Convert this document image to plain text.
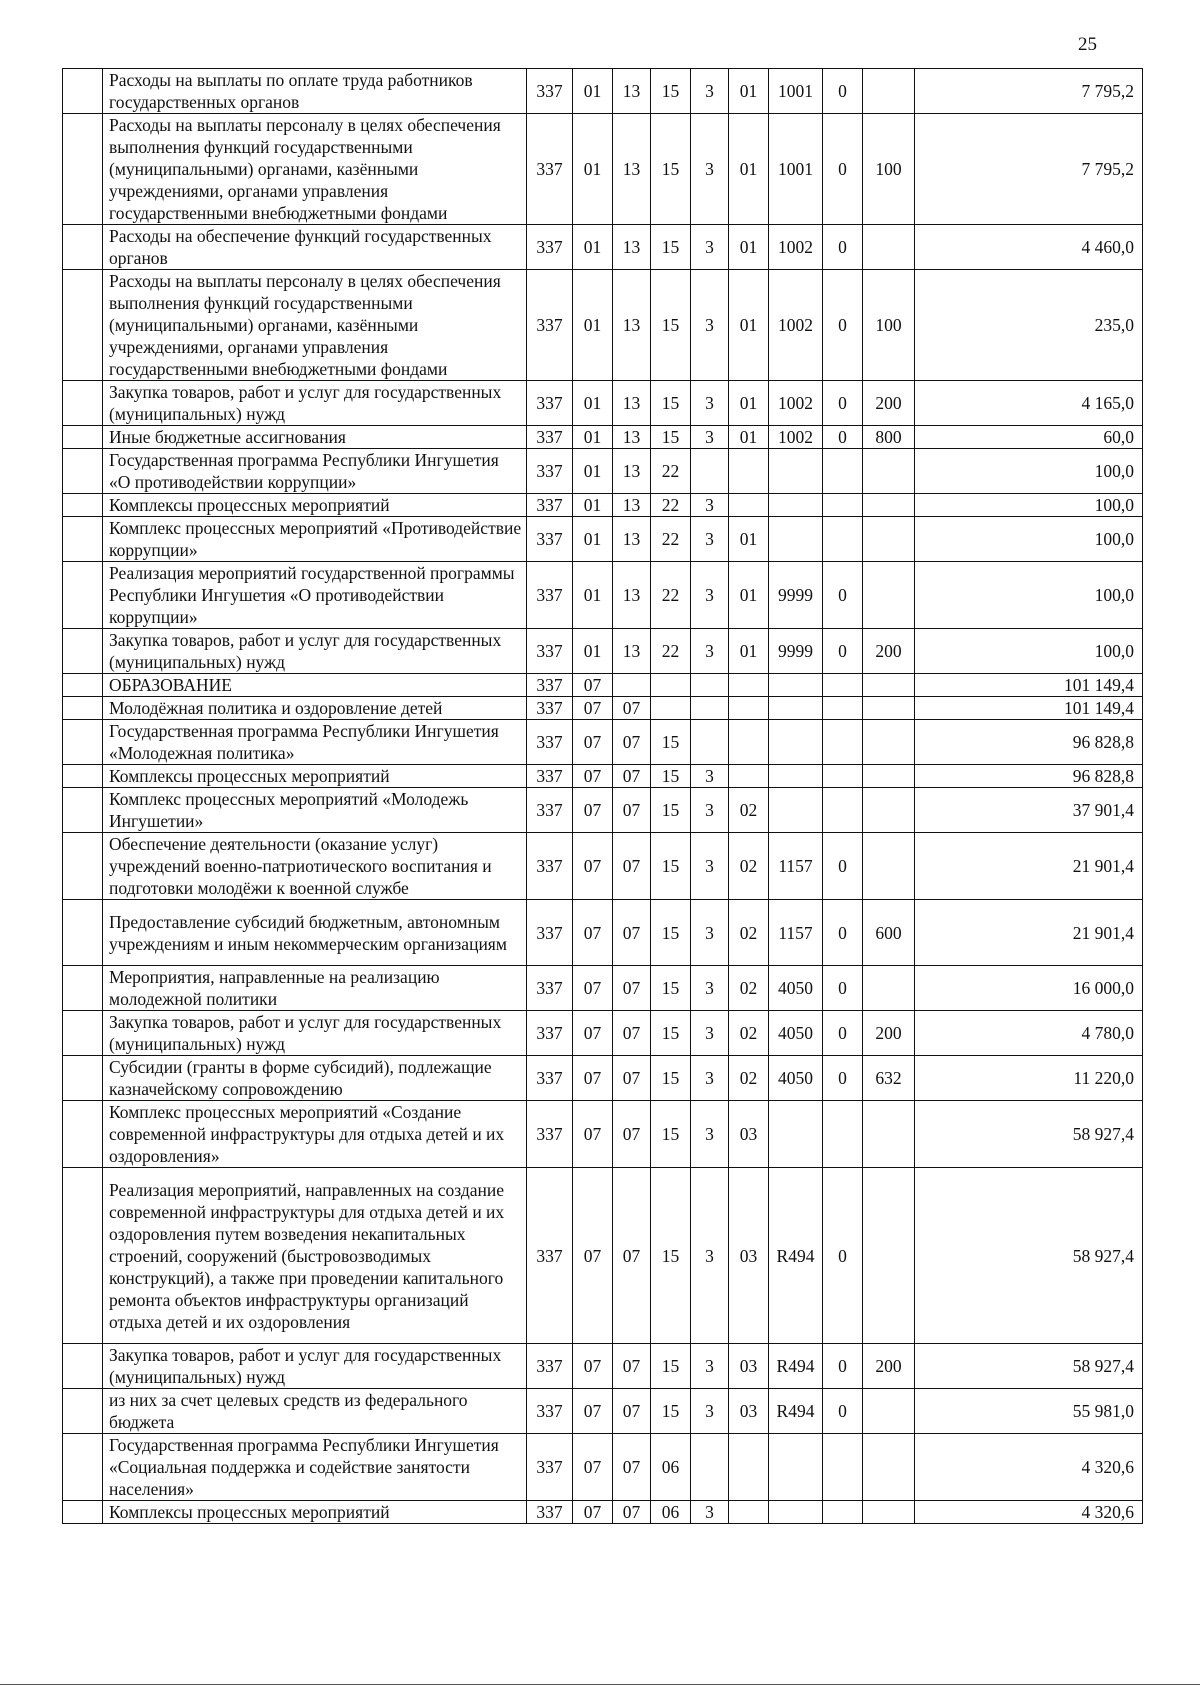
25
	Расходы на выплаты по оплате труда работников государственных органов	337	01	13	15	3	01	1001	0		7 795,2
	Расходы на выплаты персоналу в целях обеспечения выполнения функций государственными (муниципальными) органами, казёнными учреждениями, органами управления государственными внебюджетными фондами	337	01	13	15	3	01	1001	0	100	7 795,2
	Расходы на обеспечение функций государственных органов	337	01	13	15	3	01	1002	0		4 460,0
	Расходы на выплаты персоналу в целях обеспечения выполнения функций государственными (муниципальными) органами, казёнными учреждениями, органами управления государственными внебюджетными фондами	337	01	13	15	3	01	1002	0	100	235,0
	Закупка товаров, работ и услуг для государственных (муниципальных) нужд	337	01	13	15	3	01	1002	0	200	4 165,0
	Иные бюджетные ассигнования	337	01	13	15	3	01	1002	0	800	60,0
	Государственная программа Республики Ингушетия «О противодействии коррупции»	337	01	13	22						100,0
	Комплексы процессных мероприятий	337	01	13	22	3					100,0
	Комплекс процессных мероприятий «Противодействие коррупции»	337	01	13	22	3	01				100,0
	Реализация мероприятий государственной программы Республики Ингушетия «О противодействии коррупции»	337	01	13	22	3	01	9999	0		100,0
	Закупка товаров, работ и услуг для государственных (муниципальных) нужд	337	01	13	22	3	01	9999	0	200	100,0
	ОБРАЗОВАНИЕ	337	07								101 149,4
	Молодёжная политика и оздоровление детей	337	07	07							101 149,4
	Государственная программа Республики Ингушетия «Молодежная политика»	337	07	07	15						96 828,8
	Комплексы процессных мероприятий	337	07	07	15	3					96 828,8
	Комплекс процессных мероприятий «Молодежь Ингушетии»	337	07	07	15	3	02				37 901,4
	Обеспечение деятельности (оказание услуг) учреждений военно-патриотического воспитания и подготовки молодёжи к военной службе	337	07	07	15	3	02	1157	0		21 901,4
	Предоставление субсидий бюджетным, автономным учреждениям и иным некоммерческим организациям	337	07	07	15	3	02	1157	0	600	21 901,4
	Мероприятия, направленные на реализацию молодежной политики	337	07	07	15	3	02	4050	0		16 000,0
	Закупка товаров, работ и услуг для государственных (муниципальных) нужд	337	07	07	15	3	02	4050	0	200	4 780,0
	Субсидии (гранты в форме субсидий), подлежащие казначейскому сопровождению	337	07	07	15	3	02	4050	0	632	11 220,0
	Комплекс процессных мероприятий «Создание современной инфраструктуры для отдыха детей и их оздоровления»	337	07	07	15	3	03				58 927,4
	Реализация мероприятий, направленных на создание современной инфраструктуры для отдыха детей и их оздоровления путем возведения некапитальных строений, сооружений (быстровозводимых конструкций), а также при проведении капитального ремонта объектов инфраструктуры организаций отдыха детей и их оздоровления	337	07	07	15	3	03	R494	0		58 927,4
	Закупка товаров, работ и услуг для государственных (муниципальных) нужд	337	07	07	15	3	03	R494	0	200	58 927,4
	из них за счет целевых средств из федерального бюджета	337	07	07	15	3	03	R494	0		55 981,0
	Государственная программа Республики Ингушетия «Социальная поддержка и содействие занятости населения»	337	07	07	06						4 320,6
	Комплексы процессных мероприятий	337	07	07	06	3					4 320,6
